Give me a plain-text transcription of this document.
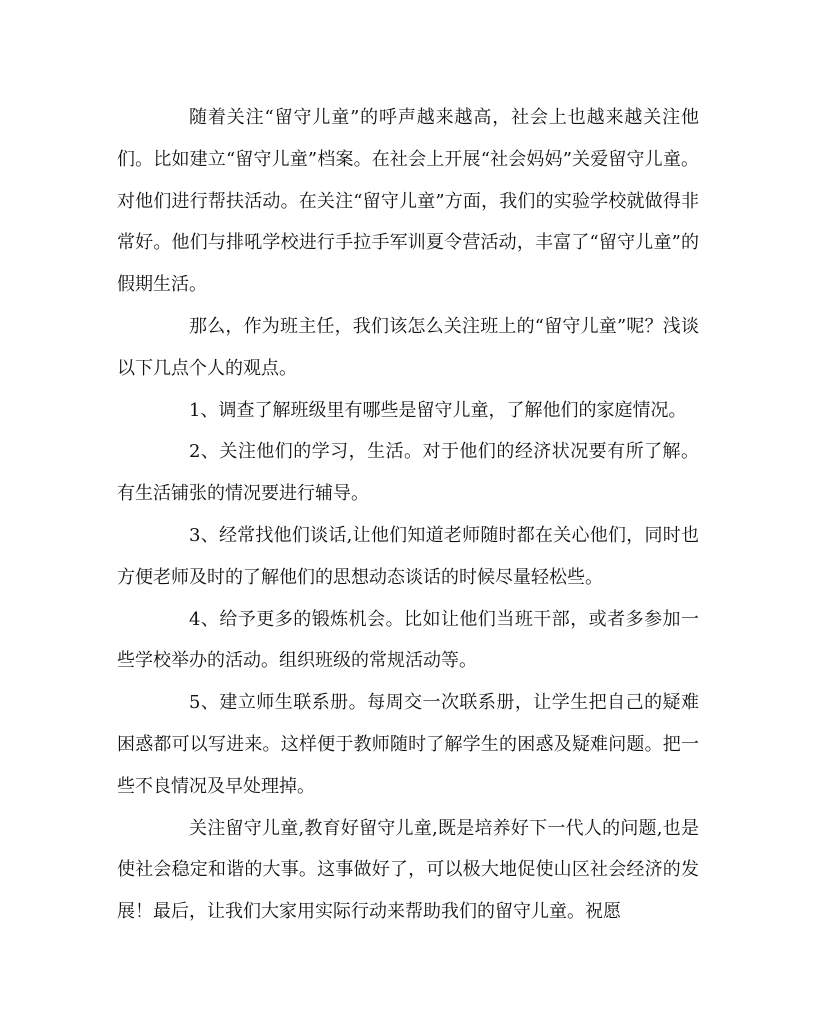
随着关注“留守儿童”的呼声越来越高，社会上也越来越关注他们。比如建立“留守儿童”档案。在社会上开展“社会妈妈”关爱留守儿童。对他们进行帮扶活动。在关注“留守儿童”方面，我们的实验学校就做得非常好。他们与排吼学校进行手拉手军训夏令营活动，丰富了“留守儿童”的假期生活。

那么，作为班主任，我们该怎么关注班上的“留守儿童”呢？浅谈以下几点个人的观点。

1、调查了解班级里有哪些是留守儿童，了解他们的家庭情况。

2、关注他们的学习，生活。对于他们的经济状况要有所了解。有生活铺张的情况要进行辅导。

3、经常找他们谈话,让他们知道老师随时都在关心他们，同时也方便老师及时的了解他们的思想动态谈话的时候尽量轻松些。

4、给予更多的锻炼机会。比如让他们当班干部，或者多参加一些学校举办的活动。组织班级的常规活动等。

5、建立师生联系册。每周交一次联系册，让学生把自己的疑难困惑都可以写进来。这样便于教师随时了解学生的困惑及疑难问题。把一些不良情况及早处理掉。

关注留守儿童,教育好留守儿童,既是培养好下一代人的问题,也是使社会稳定和谐的大事。这事做好了，可以极大地促使山区社会经济的发展！最后，让我们大家用实际行动来帮助我们的留守儿童。祝愿
